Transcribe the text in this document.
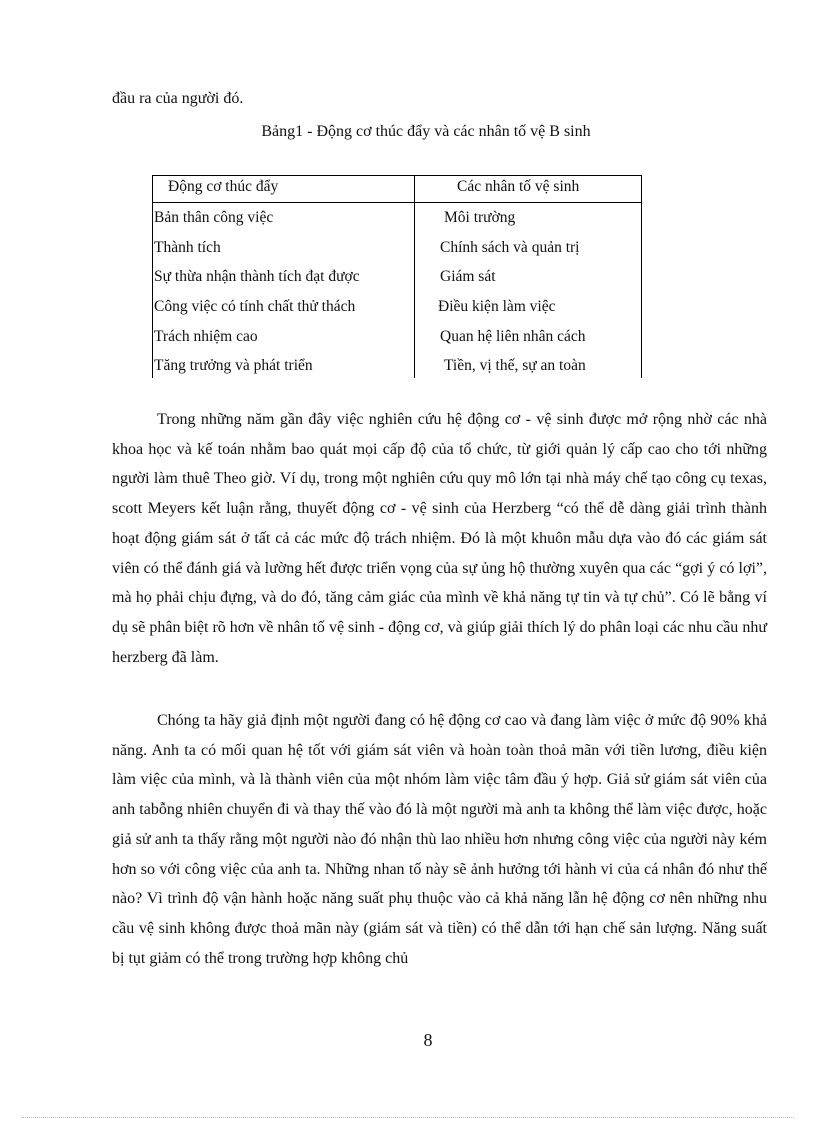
đầu ra của người đó.
Bảng1 - Động cơ thúc đẩy và các nhân tố vệ B sinh
Động cơ thúc đẩy	Các nhân tố vệ sinh
Bản thân công việc	Môi trường
Thành tích	Chính sách và quản trị
Sự thừa nhận thành tích đạt được	Giám sát
Công việc có tính chất thử thách	Điều kiện làm việc
Trách nhiệm cao	Quan hệ liên nhân cách
Tăng trưởng và phát triển	Tiền, vị thế, sự an toàn

Trong những năm gần đây việc nghiên cứu hệ động cơ - vệ sinh được mở rộng nhờ các nhà khoa học và kế toán nhằm bao quát mọi cấp độ của tổ chức, từ giới quản lý cấp cao cho tới những người làm thuê Theo giờ. Ví dụ, trong một nghiên cứu quy mô lớn tại nhà máy chế tạo công cụ texas, scott Meyers kết luận rằng, thuyết động cơ - vệ sinh của Herzberg “có thể dễ dàng giải trình thành hoạt động giám sát ở tất cả các mức độ trách nhiệm. Đó là một khuôn mẫu dựa vào đó các giám sát viên có thể đánh giá và lường hết được triển vọng của sự ủng hộ thường xuyên qua các “gợi ý có lợi”, mà họ phải chịu đựng, và do đó, tăng cảm giác của mình về khả năng tự tin và tự chủ”. Có lẽ bằng ví dụ sẽ phân biệt rõ hơn về nhân tố vệ sinh - động cơ, và giúp giải thích lý do phân loại các nhu cầu như herzberg đã làm.

Chóng ta hãy giả định một người đang có hệ động cơ cao và đang làm việc ở mức độ 90% khả năng. Anh ta có mối quan hệ tốt với giám sát viên và hoàn toàn thoả mãn với tiền lương, điều kiện làm việc của mình, và là thành viên của một nhóm làm việc tâm đầu ý hợp. Giả sử giám sát viên của anh tabỗng nhiên chuyển đi và thay thế vào đó là một người mà anh ta không thể làm việc được, hoặc giả sử anh ta thấy rằng một người nào đó nhận thù lao nhiều hơn nhưng công việc của người này kém hơn so với công việc của anh ta. Những nhan tố này sẽ ảnh hưởng tới hành vi của cá nhân đó như thế nào? Vì trình độ vận hành hoặc năng suất phụ thuộc vào cả khả năng lẫn hệ động cơ nên những nhu cầu vệ sinh không được thoả mãn này (giám sát và tiền) có thể dẫn tới hạn chế sản lượng. Năng suất bị tụt giảm có thể trong trường hợp không chủ

8
